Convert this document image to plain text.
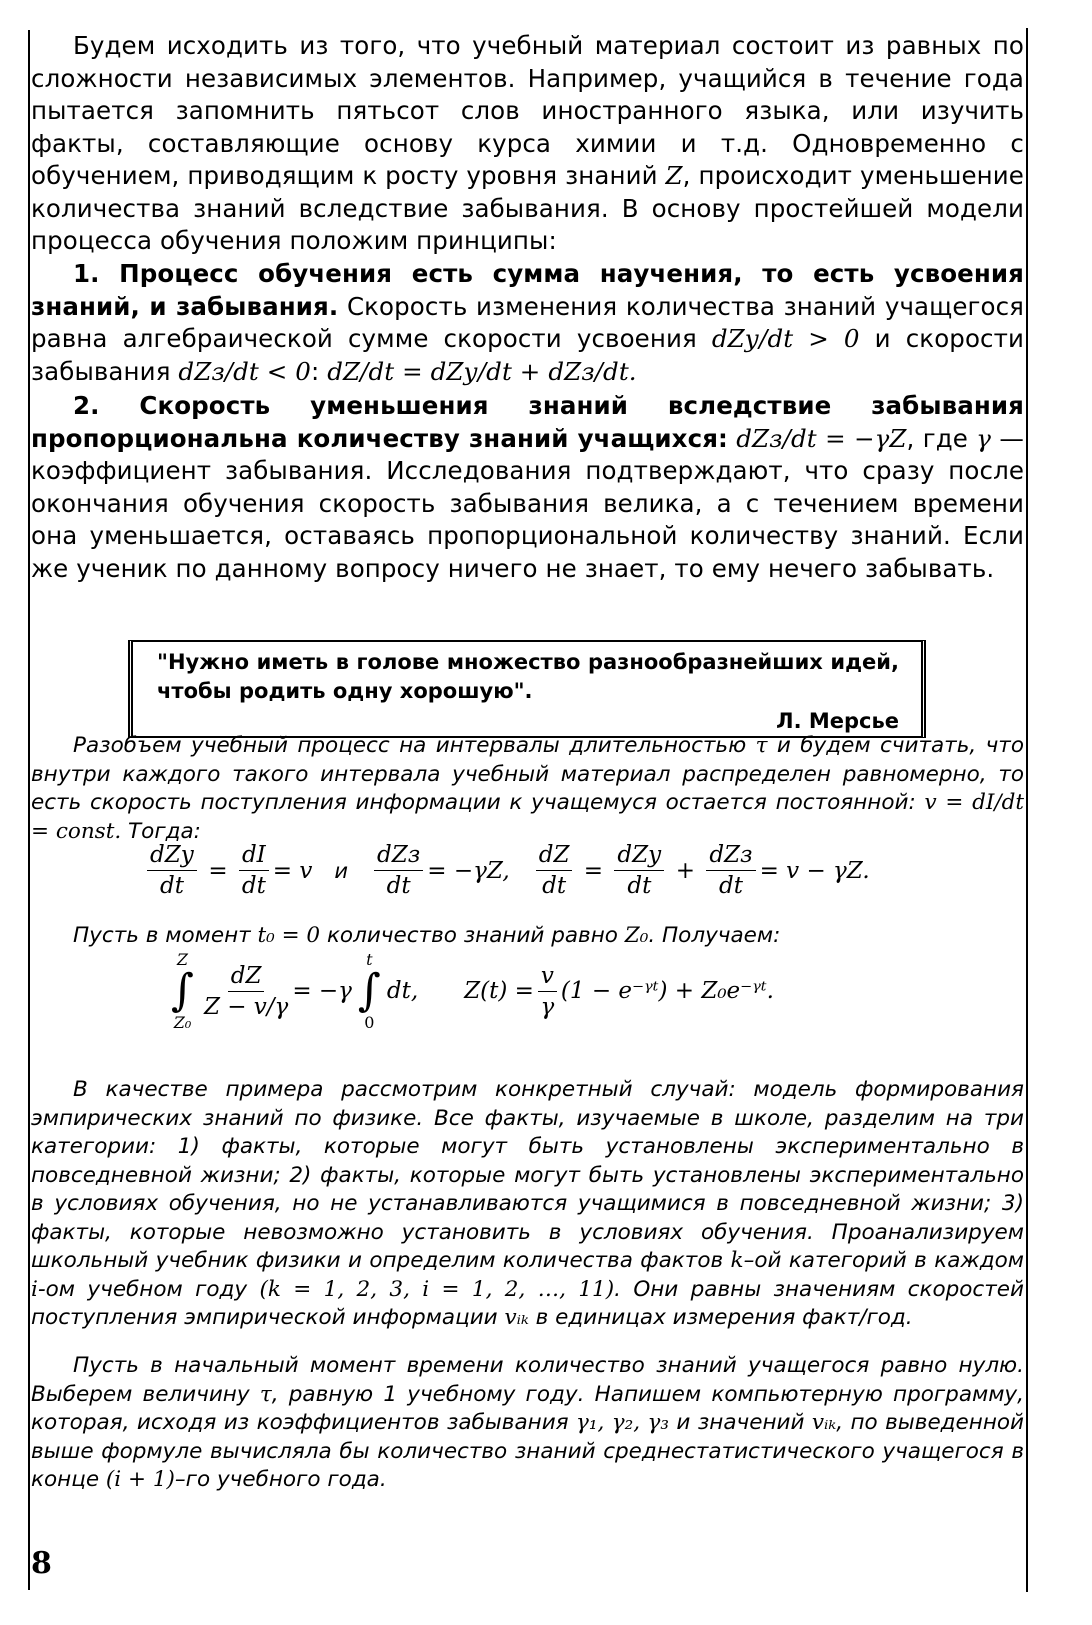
Будем исходить из того, что учебный материал состоит из равных по сложности независимых элементов. Например, учащийся в течение года пытается запомнить пятьсот слов иностранного языка, или изучить факты, составляющие основу курса химии и т.д. Одновременно с обучением, приводящим к росту уровня знаний Z, происходит уменьшение количества знаний вследствие забывания. В основу простейшей модели процесса обучения положим принципы:

1. Процесс обучения есть сумма научения, то есть усвоения знаний, и забывания. Скорость изменения количества знаний учащегося равна алгебраической сумме скорости усвоения dZу/dt > 0 и скорости забывания dZз/dt < 0: dZ/dt = dZу/dt + dZз/dt.

2. Скорость уменьшения знаний вследствие забывания пропорциональна количеству знаний учащихся: dZз/dt = −γZ, где γ — коэффициент забывания. Исследования подтверждают, что сразу после окончания обучения скорость забывания велика, а с течением времени она уменьшается, оставаясь пропорциональной количеству знаний. Если же ученик по данному вопросу ничего не знает, то ему нечего забывать.

"Нужно иметь в голове множество разнообразнейших идей, чтобы родить одну хорошую".
Л. Мерсье

Разобъем учебный процесс на интервалы длительностью τ и будем считать, что внутри каждого такого интервала учебный материал распределен равномерно, то есть скорость поступления информации к учащемуся остается постоянной: v = dI/dt = const. Тогда:

$\frac{\text{dZу}}{dt} = \frac{dI}{dt} = v$ и $\frac{\text{dZз}}{dt} = -\gamma Z$, $\frac{dZ}{dt} = \frac{\text{dZу}}{dt} + \frac{\text{dZз}}{dt} = v - \gamma Z$.

Пусть в момент t₀ = 0 количество знаний равно Z₀. Получаем:

Z
∫
Z₀
$\frac{dZ}{Z - v/\gamma} = -\gamma$
t
∫
0
dt, $Z(t) = \frac{v}{\gamma} (1$ − e⁻ᵞᵗ) + Z₀e⁻ᵞᵗ.

В качестве примера рассмотрим конкретный случай: модель формирования эмпирических знаний по физике. Все факты, изучаемые в школе, разделим на три категории: 1) факты, которые могут быть установлены экспериментально в повседневной жизни; 2) факты, которые могут быть установлены экспериментально в условиях обучения, но не устанавливаются учащимися в повседневной жизни; 3) факты, которые невозможно установить в условиях обучения. Проанализируем школьный учебник физики и определим количества фактов k–ой категорий в каждом i-ом учебном году (k = 1, 2, 3, i = 1, 2, …, 11). Они равны значениям скоростей поступления эмпирической информации vᵢₖ в единицах измерения факт/год.

Пусть в начальный момент времени количество знаний учащегося равно нулю. Выберем величину τ, равную 1 учебному году. Напишем компьютерную программу, которая, исходя из коэффициентов забывания γ₁, γ₂, γ₃ и значений vᵢₖ, по выведенной выше формуле вычисляла бы количество знаний среднестатистического учащегося в конце (i + 1)–го учебного года.

8
